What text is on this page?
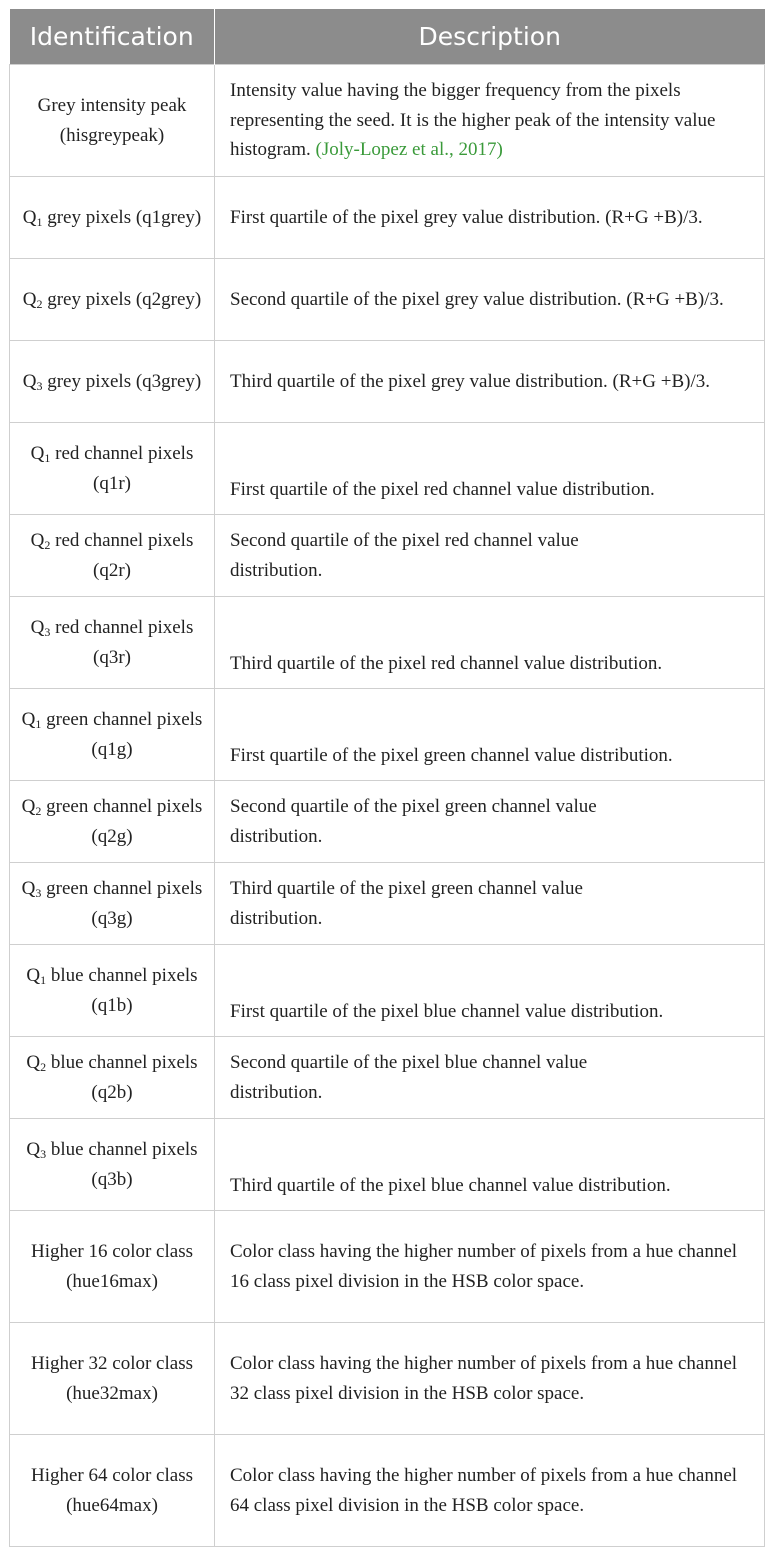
Identification	Description
Grey intensity peak (hisgreypeak)	Intensity value having the bigger frequency from the pixels representing the seed. It is the higher peak of the intensity value histogram. (Joly-Lopez et al., 2017)
$Q_1$ grey pixels (q1grey)	First quartile of the pixel grey value distribution. (R+G +B)/3.
$Q_2$ grey pixels (q2grey)	Second quartile of the pixel grey value distribution. (R+G +B)/3.
$Q_3$ grey pixels (q3grey)	Third quartile of the pixel grey value distribution. (R+G +B)/3.
$Q_1$ red channel pixels (q1r)	First quartile of the pixel red channel value distribution.
$Q_2$ red channel pixels (q2r)	Second quartile of the pixel red channel value distribution.
$Q_3$ red channel pixels (q3r)	Third quartile of the pixel red channel value distribution.
$Q_1$ green channel pixels (q1g)	First quartile of the pixel green channel value distribution.
$Q_2$ green channel pixels (q2g)	Second quartile of the pixel green channel value distribution.
$Q_3$ green channel pixels (q3g)	Third quartile of the pixel green channel value distribution.
$Q_1$ blue channel pixels (q1b)	First quartile of the pixel blue channel value distribution.
$Q_2$ blue channel pixels (q2b)	Second quartile of the pixel blue channel value distribution.
$Q_3$ blue channel pixels (q3b)	Third quartile of the pixel blue channel value distribution.
Higher 16 color class (hue16max)	Color class having the higher number of pixels from a hue channel 16 class pixel division in the HSB color space.
Higher 32 color class (hue32max)	Color class having the higher number of pixels from a hue channel 32 class pixel division in the HSB color space.
Higher 64 color class (hue64max)	Color class having the higher number of pixels from a hue channel 64 class pixel division in the HSB color space.
